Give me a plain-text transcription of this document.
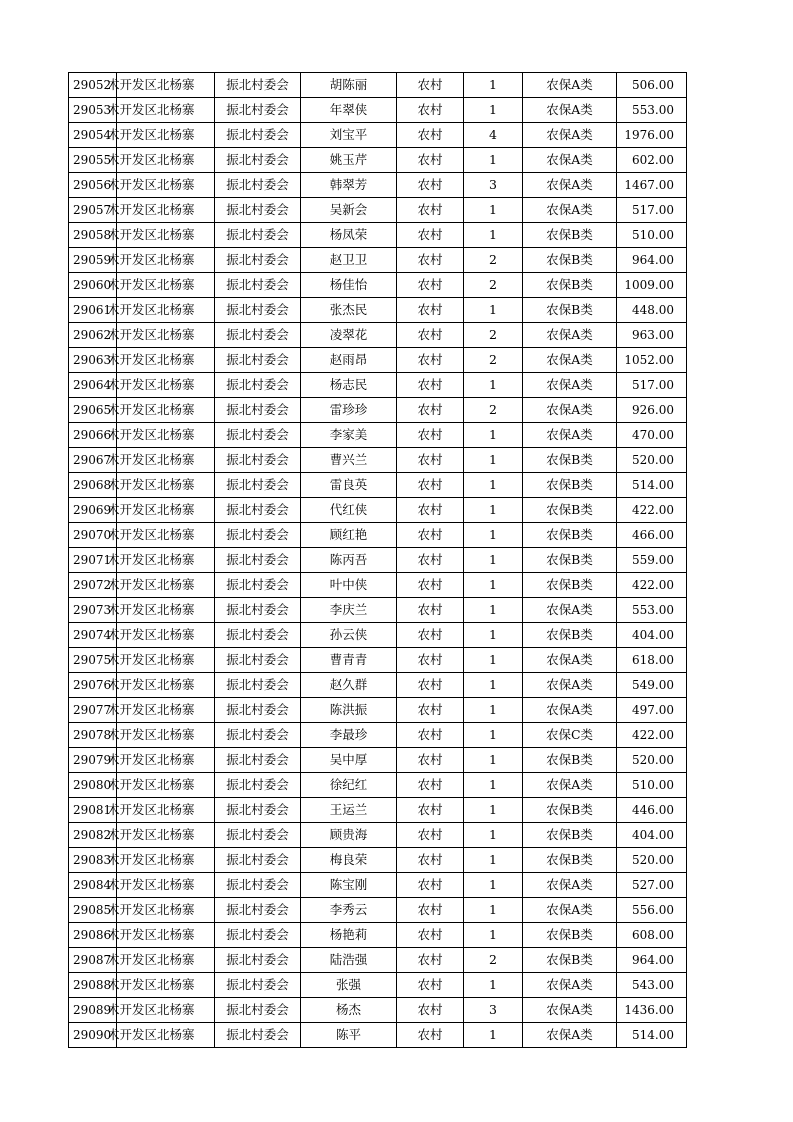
29052	术开发区北杨寨	振北村委会	胡陈丽	农村	1	农保A类	506.00
29053	术开发区北杨寨	振北村委会	年翠侠	农村	1	农保A类	553.00
29054	术开发区北杨寨	振北村委会	刘宝平	农村	4	农保A类	1976.00
29055	术开发区北杨寨	振北村委会	姚玉芹	农村	1	农保A类	602.00
29056	术开发区北杨寨	振北村委会	韩翠芳	农村	3	农保A类	1467.00
29057	术开发区北杨寨	振北村委会	吴新会	农村	1	农保A类	517.00
29058	术开发区北杨寨	振北村委会	杨凤荣	农村	1	农保B类	510.00
29059	术开发区北杨寨	振北村委会	赵卫卫	农村	2	农保B类	964.00
29060	术开发区北杨寨	振北村委会	杨佳怡	农村	2	农保B类	1009.00
29061	术开发区北杨寨	振北村委会	张杰民	农村	1	农保B类	448.00
29062	术开发区北杨寨	振北村委会	凌翠花	农村	2	农保A类	963.00
29063	术开发区北杨寨	振北村委会	赵雨昂	农村	2	农保A类	1052.00
29064	术开发区北杨寨	振北村委会	杨志民	农村	1	农保A类	517.00
29065	术开发区北杨寨	振北村委会	雷珍珍	农村	2	农保A类	926.00
29066	术开发区北杨寨	振北村委会	李家美	农村	1	农保A类	470.00
29067	术开发区北杨寨	振北村委会	曹兴兰	农村	1	农保B类	520.00
29068	术开发区北杨寨	振北村委会	雷良英	农村	1	农保B类	514.00
29069	术开发区北杨寨	振北村委会	代红侠	农村	1	农保B类	422.00
29070	术开发区北杨寨	振北村委会	顾红艳	农村	1	农保B类	466.00
29071	术开发区北杨寨	振北村委会	陈丙吾	农村	1	农保B类	559.00
29072	术开发区北杨寨	振北村委会	叶中侠	农村	1	农保B类	422.00
29073	术开发区北杨寨	振北村委会	李庆兰	农村	1	农保A类	553.00
29074	术开发区北杨寨	振北村委会	孙云侠	农村	1	农保B类	404.00
29075	术开发区北杨寨	振北村委会	曹青青	农村	1	农保A类	618.00
29076	术开发区北杨寨	振北村委会	赵久群	农村	1	农保A类	549.00
29077	术开发区北杨寨	振北村委会	陈洪振	农村	1	农保A类	497.00
29078	术开发区北杨寨	振北村委会	李最珍	农村	1	农保C类	422.00
29079	术开发区北杨寨	振北村委会	吴中厚	农村	1	农保B类	520.00
29080	术开发区北杨寨	振北村委会	徐纪红	农村	1	农保A类	510.00
29081	术开发区北杨寨	振北村委会	王运兰	农村	1	农保B类	446.00
29082	术开发区北杨寨	振北村委会	顾贵海	农村	1	农保B类	404.00
29083	术开发区北杨寨	振北村委会	梅良荣	农村	1	农保B类	520.00
29084	术开发区北杨寨	振北村委会	陈宝刚	农村	1	农保A类	527.00
29085	术开发区北杨寨	振北村委会	李秀云	农村	1	农保A类	556.00
29086	术开发区北杨寨	振北村委会	杨艳莉	农村	1	农保B类	608.00
29087	术开发区北杨寨	振北村委会	陆浩强	农村	2	农保B类	964.00
29088	术开发区北杨寨	振北村委会	张强	农村	1	农保A类	543.00
29089	术开发区北杨寨	振北村委会	杨杰	农村	3	农保A类	1436.00
29090	术开发区北杨寨	振北村委会	陈平	农村	1	农保A类	514.00
